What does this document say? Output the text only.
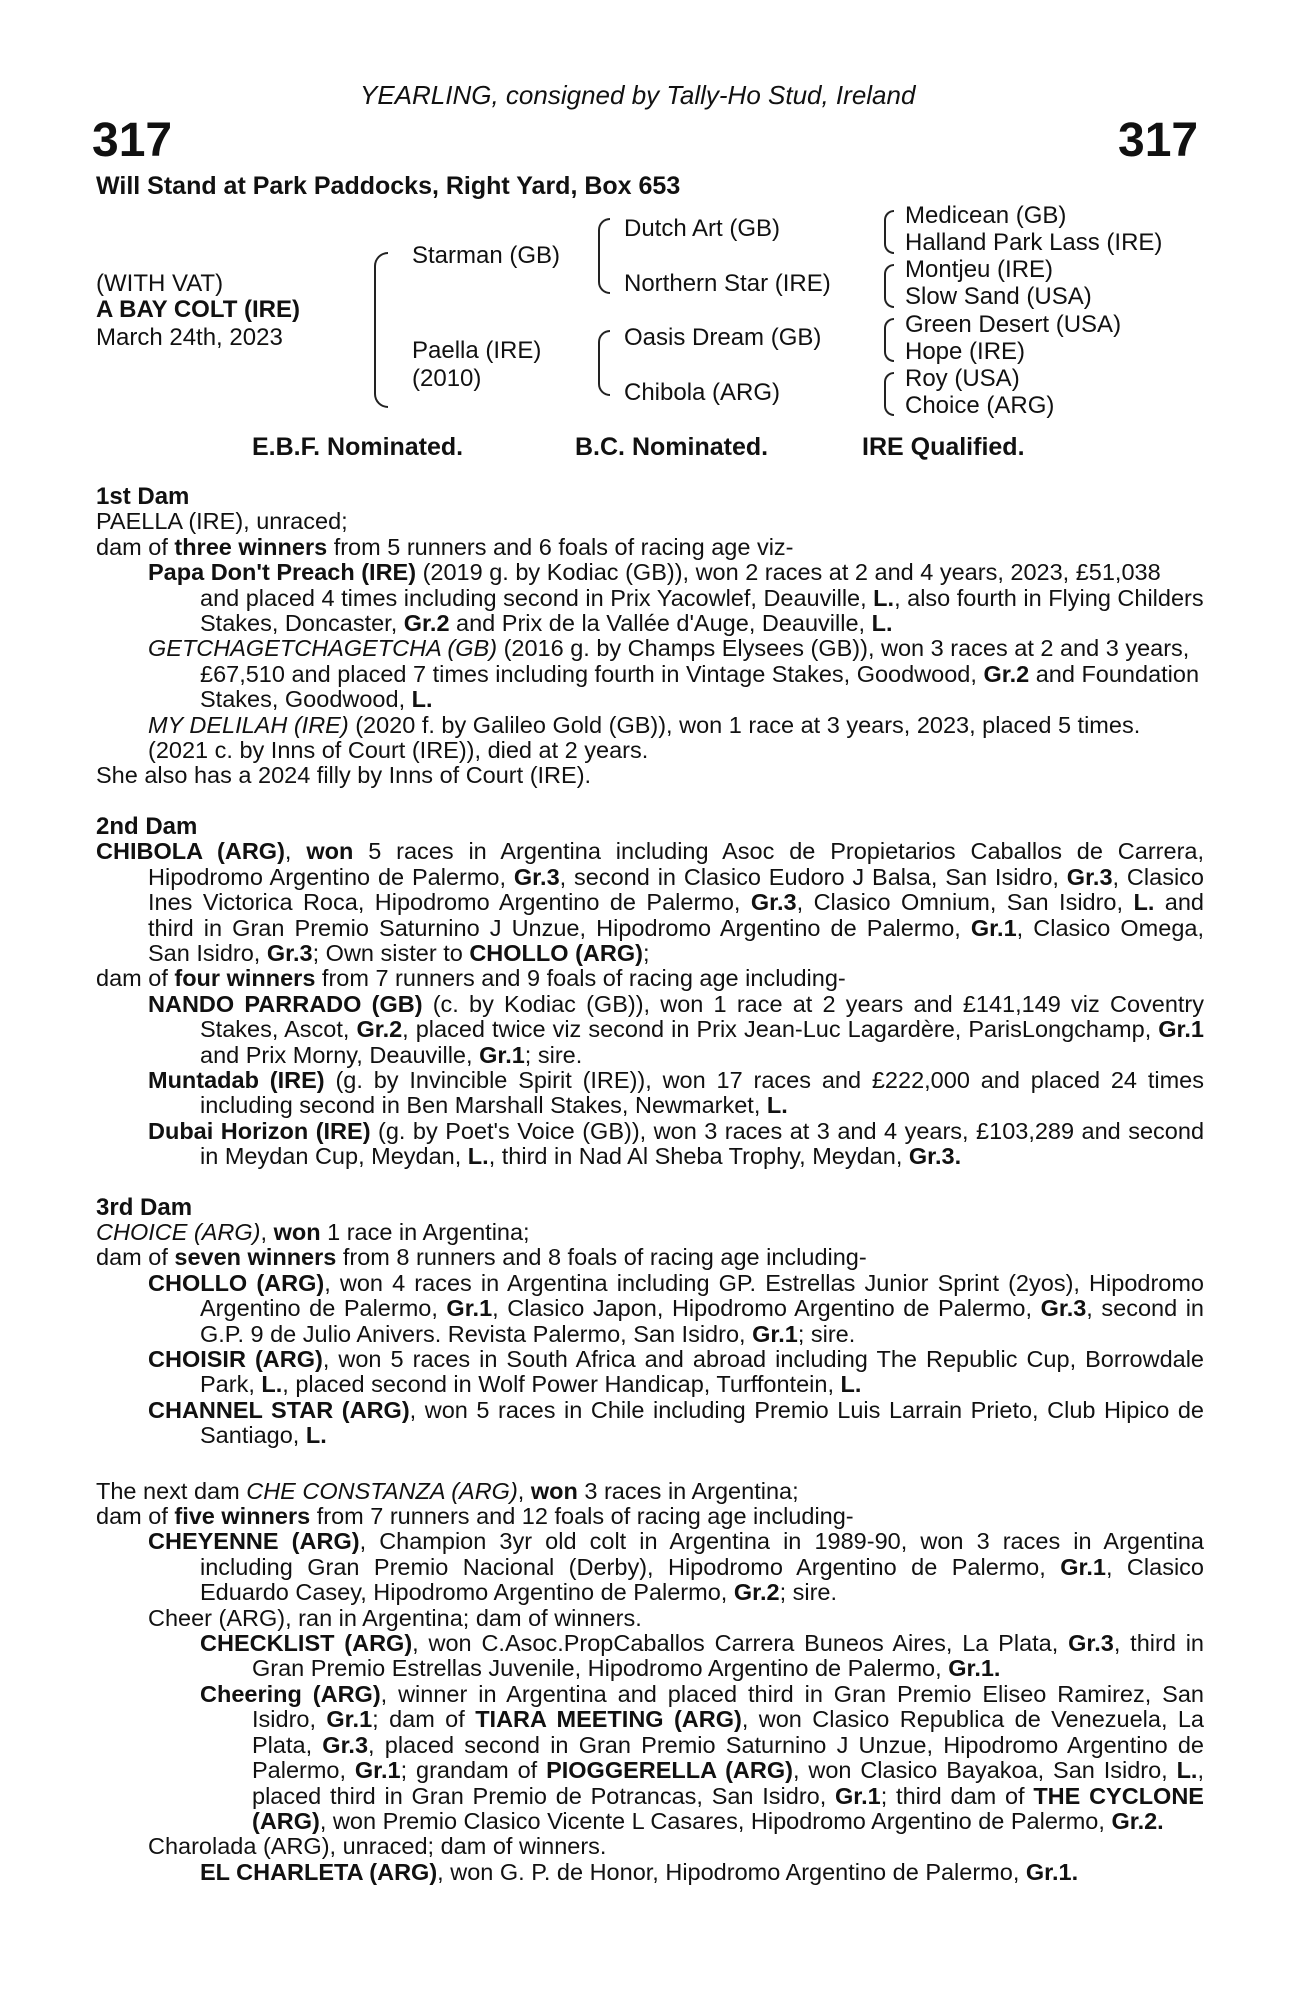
YEARLING, consigned by Tally-Ho Stud, Ireland
317	317
Will Stand at Park Paddocks, Right Yard, Box 653
(WITH VAT)
A BAY COLT (IRE)
March 24th, 2023
Starman (GB)
Paella (IRE)
(2010)
Dutch Art (GB)
Northern Star (IRE)
Oasis Dream (GB)
Chibola (ARG)
Medicean (GB)
Halland Park Lass (IRE)
Montjeu (IRE)
Slow Sand (USA)
Green Desert (USA)
Hope (IRE)
Roy (USA)
Choice (ARG)
E.B.F. Nominated.	B.C. Nominated.	IRE Qualified.

1st Dam

PAELLA (IRE), unraced;

dam of three winners from 5 runners and 6 foals of racing age viz-

Papa Don't Preach (IRE) (2019 g. by Kodiac (GB)), won 2 races at 2 and 4 years, 2023, £51,038 and placed 4 times including second in Prix Yacowlef, Deauville, L., also fourth in Flying Childers Stakes, Doncaster, Gr.2 and Prix de la Vallée d'Auge, Deauville, L.

GETCHAGETCHAGETCHA (GB) (2016 g. by Champs Elysees (GB)), won 3 races at 2 and 3 years, £67,510 and placed 7 times including fourth in Vintage Stakes, Goodwood, Gr.2 and Foundation Stakes, Goodwood, L.

MY DELILAH (IRE) (2020 f. by Galileo Gold (GB)), won 1 race at 3 years, 2023, placed 5 times.

(2021 c. by Inns of Court (IRE)), died at 2 years.

She also has a 2024 filly by Inns of Court (IRE).

2nd Dam

CHIBOLA (ARG), won 5 races in Argentina including Asoc de Propietarios Caballos de Carrera, Hipodromo Argentino de Palermo, Gr.3, second in Clasico Eudoro J Balsa, San Isidro, Gr.3, Clasico Ines Victorica Roca, Hipodromo Argentino de Palermo, Gr.3, Clasico Omnium, San Isidro, L. and third in Gran Premio Saturnino J Unzue, Hipodromo Argentino de Palermo, Gr.1, Clasico Omega, San Isidro, Gr.3; Own sister to CHOLLO (ARG);

dam of four winners from 7 runners and 9 foals of racing age including-

NANDO PARRADO (GB) (c. by Kodiac (GB)), won 1 race at 2 years and £141,149 viz Coventry Stakes, Ascot, Gr.2, placed twice viz second in Prix Jean-Luc Lagardère, ParisLongchamp, Gr.1 and Prix Morny, Deauville, Gr.1; sire.

Muntadab (IRE) (g. by Invincible Spirit (IRE)), won 17 races and £222,000 and placed 24 times including second in Ben Marshall Stakes, Newmarket, L.

Dubai Horizon (IRE) (g. by Poet's Voice (GB)), won 3 races at 3 and 4 years, £103,289 and second in Meydan Cup, Meydan, L., third in Nad Al Sheba Trophy, Meydan, Gr.3.

3rd Dam

CHOICE (ARG), won 1 race in Argentina;

dam of seven winners from 8 runners and 8 foals of racing age including-

CHOLLO (ARG), won 4 races in Argentina including GP. Estrellas Junior Sprint (2yos), Hipodromo Argentino de Palermo, Gr.1, Clasico Japon, Hipodromo Argentino de Palermo, Gr.3, second in G.P. 9 de Julio Anivers. Revista Palermo, San Isidro, Gr.1; sire.

CHOISIR (ARG), won 5 races in South Africa and abroad including The Republic Cup, Borrowdale Park, L., placed second in Wolf Power Handicap, Turffontein, L.

CHANNEL STAR (ARG), won 5 races in Chile including Premio Luis Larrain Prieto, Club Hipico de Santiago, L.

The next dam CHE CONSTANZA (ARG), won 3 races in Argentina;

dam of five winners from 7 runners and 12 foals of racing age including-

CHEYENNE (ARG), Champion 3yr old colt in Argentina in 1989-90, won 3 races in Argentina including Gran Premio Nacional (Derby), Hipodromo Argentino de Palermo, Gr.1, Clasico Eduardo Casey, Hipodromo Argentino de Palermo, Gr.2; sire.

Cheer (ARG), ran in Argentina; dam of winners.

CHECKLIST (ARG), won C.Asoc.PropCaballos Carrera Buneos Aires, La Plata, Gr.3, third in Gran Premio Estrellas Juvenile, Hipodromo Argentino de Palermo, Gr.1.

Cheering (ARG), winner in Argentina and placed third in Gran Premio Eliseo Ramirez, San Isidro, Gr.1; dam of TIARA MEETING (ARG), won Clasico Republica de Venezuela, La Plata, Gr.3, placed second in Gran Premio Saturnino J Unzue, Hipodromo Argentino de Palermo, Gr.1; grandam of PIOGGERELLA (ARG), won Clasico Bayakoa, San Isidro, L., placed third in Gran Premio de Potrancas, San Isidro, Gr.1; third dam of THE CYCLONE (ARG), won Premio Clasico Vicente L Casares, Hipodromo Argentino de Palermo, Gr.2.

Charolada (ARG), unraced; dam of winners.

EL CHARLETA (ARG), won G. P. de Honor, Hipodromo Argentino de Palermo, Gr.1.
